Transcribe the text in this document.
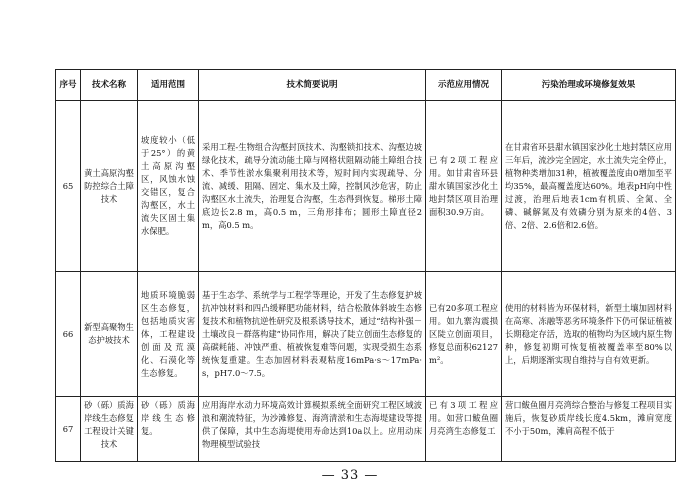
序号	技术名称	适用范围	技术简要说明	示范应用情况	污染治理或环境修复效果
65	黄土高原沟壑防控综合土障技术	坡度较小（低于25°）的黄土高原沟壑区，风蚀水蚀交错区，复合沟壑区，水土流失区固土集水保肥。	采用工程-生物组合沟壑封顶技术、沟壑锁扣技术、沟壑边坡绿化技术，疏导分流动能土障与网格状阻隔动能土障组合技术、季节性淤水集聚利用技术等，短时间内实现疏导、分流、减缓、阻隔、固定、集水及土障，控制风沙危害，防止沟壑区水土流失，治理复合沟壑，生态得到恢复。梯形土障底边长2.8 m，高0.5 m，三角形排布；圆形土障直径2 m，高0.5 m。	已有2项工程应用。如甘肃省环县甜水镇国家沙化土地封禁区项目治理面积30.9万亩。	在甘肃省环县甜水镇国家沙化土地封禁区应用三年后，流沙完全固定，水土流失完全停止，植物种类增加31种，植被覆盖度由0增加至平均35%，最高覆盖度达60%。地表pH向中性过渡，治理后地表1cm有机质、全氮、全磷、碱解氮及有效磷分别为原来的4倍、3倍、2倍、2.6倍和2.6倍。
66	新型高聚物生态护坡技术	地质环境脆弱区生态修复，包括地质灾害体，工程建设创面及荒漠化、石漠化等生态修复。	基于生态学、系统学与工程学等理论，开发了生态修复护坡抗冲蚀材料和四凸缓释肥功能材料，结合松散体斜坡生态修复技术和植物抗逆性研究及根系诱导技术，通过“结构补强－土壤改良－群落构建”协同作用，解决了陡立创面生态修复的高碳耗能、冲蚀严重、植被恢复难等问题，实现受损生态系统恢复重建。生态加固材料表观粘度16mPa·s～17mPa·s，pH7.0～7.5。	已有20多项工程应用。如九寨沟震损区陡立创面项目，修复总面积62127m²。	使用的材料皆为环保材料，新型土壤加固材料在高寒、冻融等恶劣环境条件下仍可保证植被长期稳定存活，选取的植物均为区域内原生物种，修复初期可恢复植被覆盖率至80%以上，后期逐渐实现自维持与自有效更新。
67	砂（砾）质海岸线生态修复工程设计关键技术	砂（砾）质海岸线生态修复。	应用海岸水动力环境高效计算模拟系统全面研究工程区域波浪和潮流特征，为沙滩修复、海湾清淤和生态海堤建设等提供了保障，其中生态海堤使用寿命达到10a以上。应用动床物理模型试验技	已有3项工程应用。如营口鲅鱼圈月亮湾生态修复工	营口鲅鱼圈月亮湾综合整治与修复工程项目实施后，恢复砂质岸线长度4.5km，滩肩宽度不小于50m，滩肩高程不低于
— 33 —
